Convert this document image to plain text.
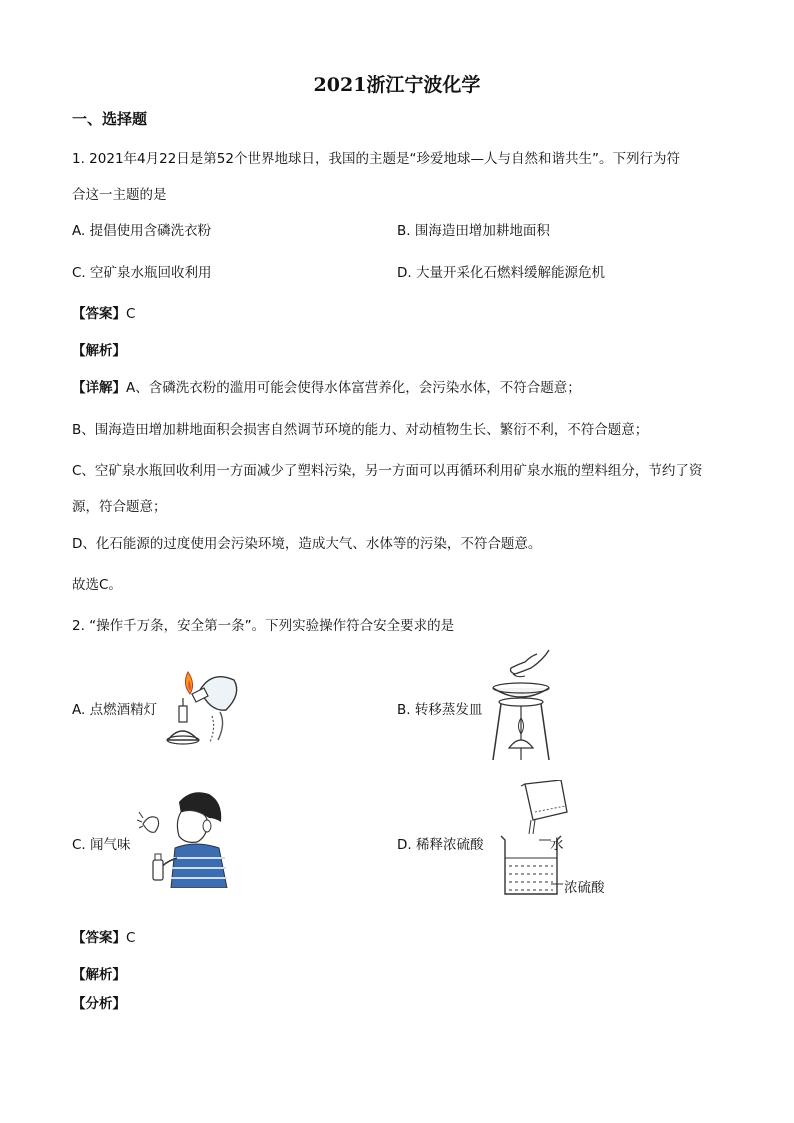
2021浙江宁波化学
一、选择题
1. 2021年4月22日是第52个世界地球日，我国的主题是“珍爱地球—人与自然和谐共生”。下列行为符
合这一主题的是
A. 提倡使用含磷洗衣粉	B. 围海造田增加耕地面积
C. 空矿泉水瓶回收利用	D. 大量开采化石燃料缓解能源危机
【答案】C
【解析】
【详解】A、含磷洗衣粉的滥用可能会使得水体富营养化，会污染水体，不符合题意；
B、围海造田增加耕地面积会损害自然调节环境的能力、对动植物生长、繁衍不利，不符合题意；
C、空矿泉水瓶回收利用一方面减少了塑料污染，另一方面可以再循环利用矿泉水瓶的塑料组分，节约了资
源，符合题意；
D、化石能源的过度使用会污染环境，造成大气、水体等的污染，不符合题意。
故选C。
2. “操作千万条，安全第一条”。下列实验操作符合安全要求的是
A. 点燃酒精灯	B. 转移蒸发皿
C. 闻气味	D. 稀释浓硫酸	水
浓硫酸
【答案】C
【解析】
【分析】
